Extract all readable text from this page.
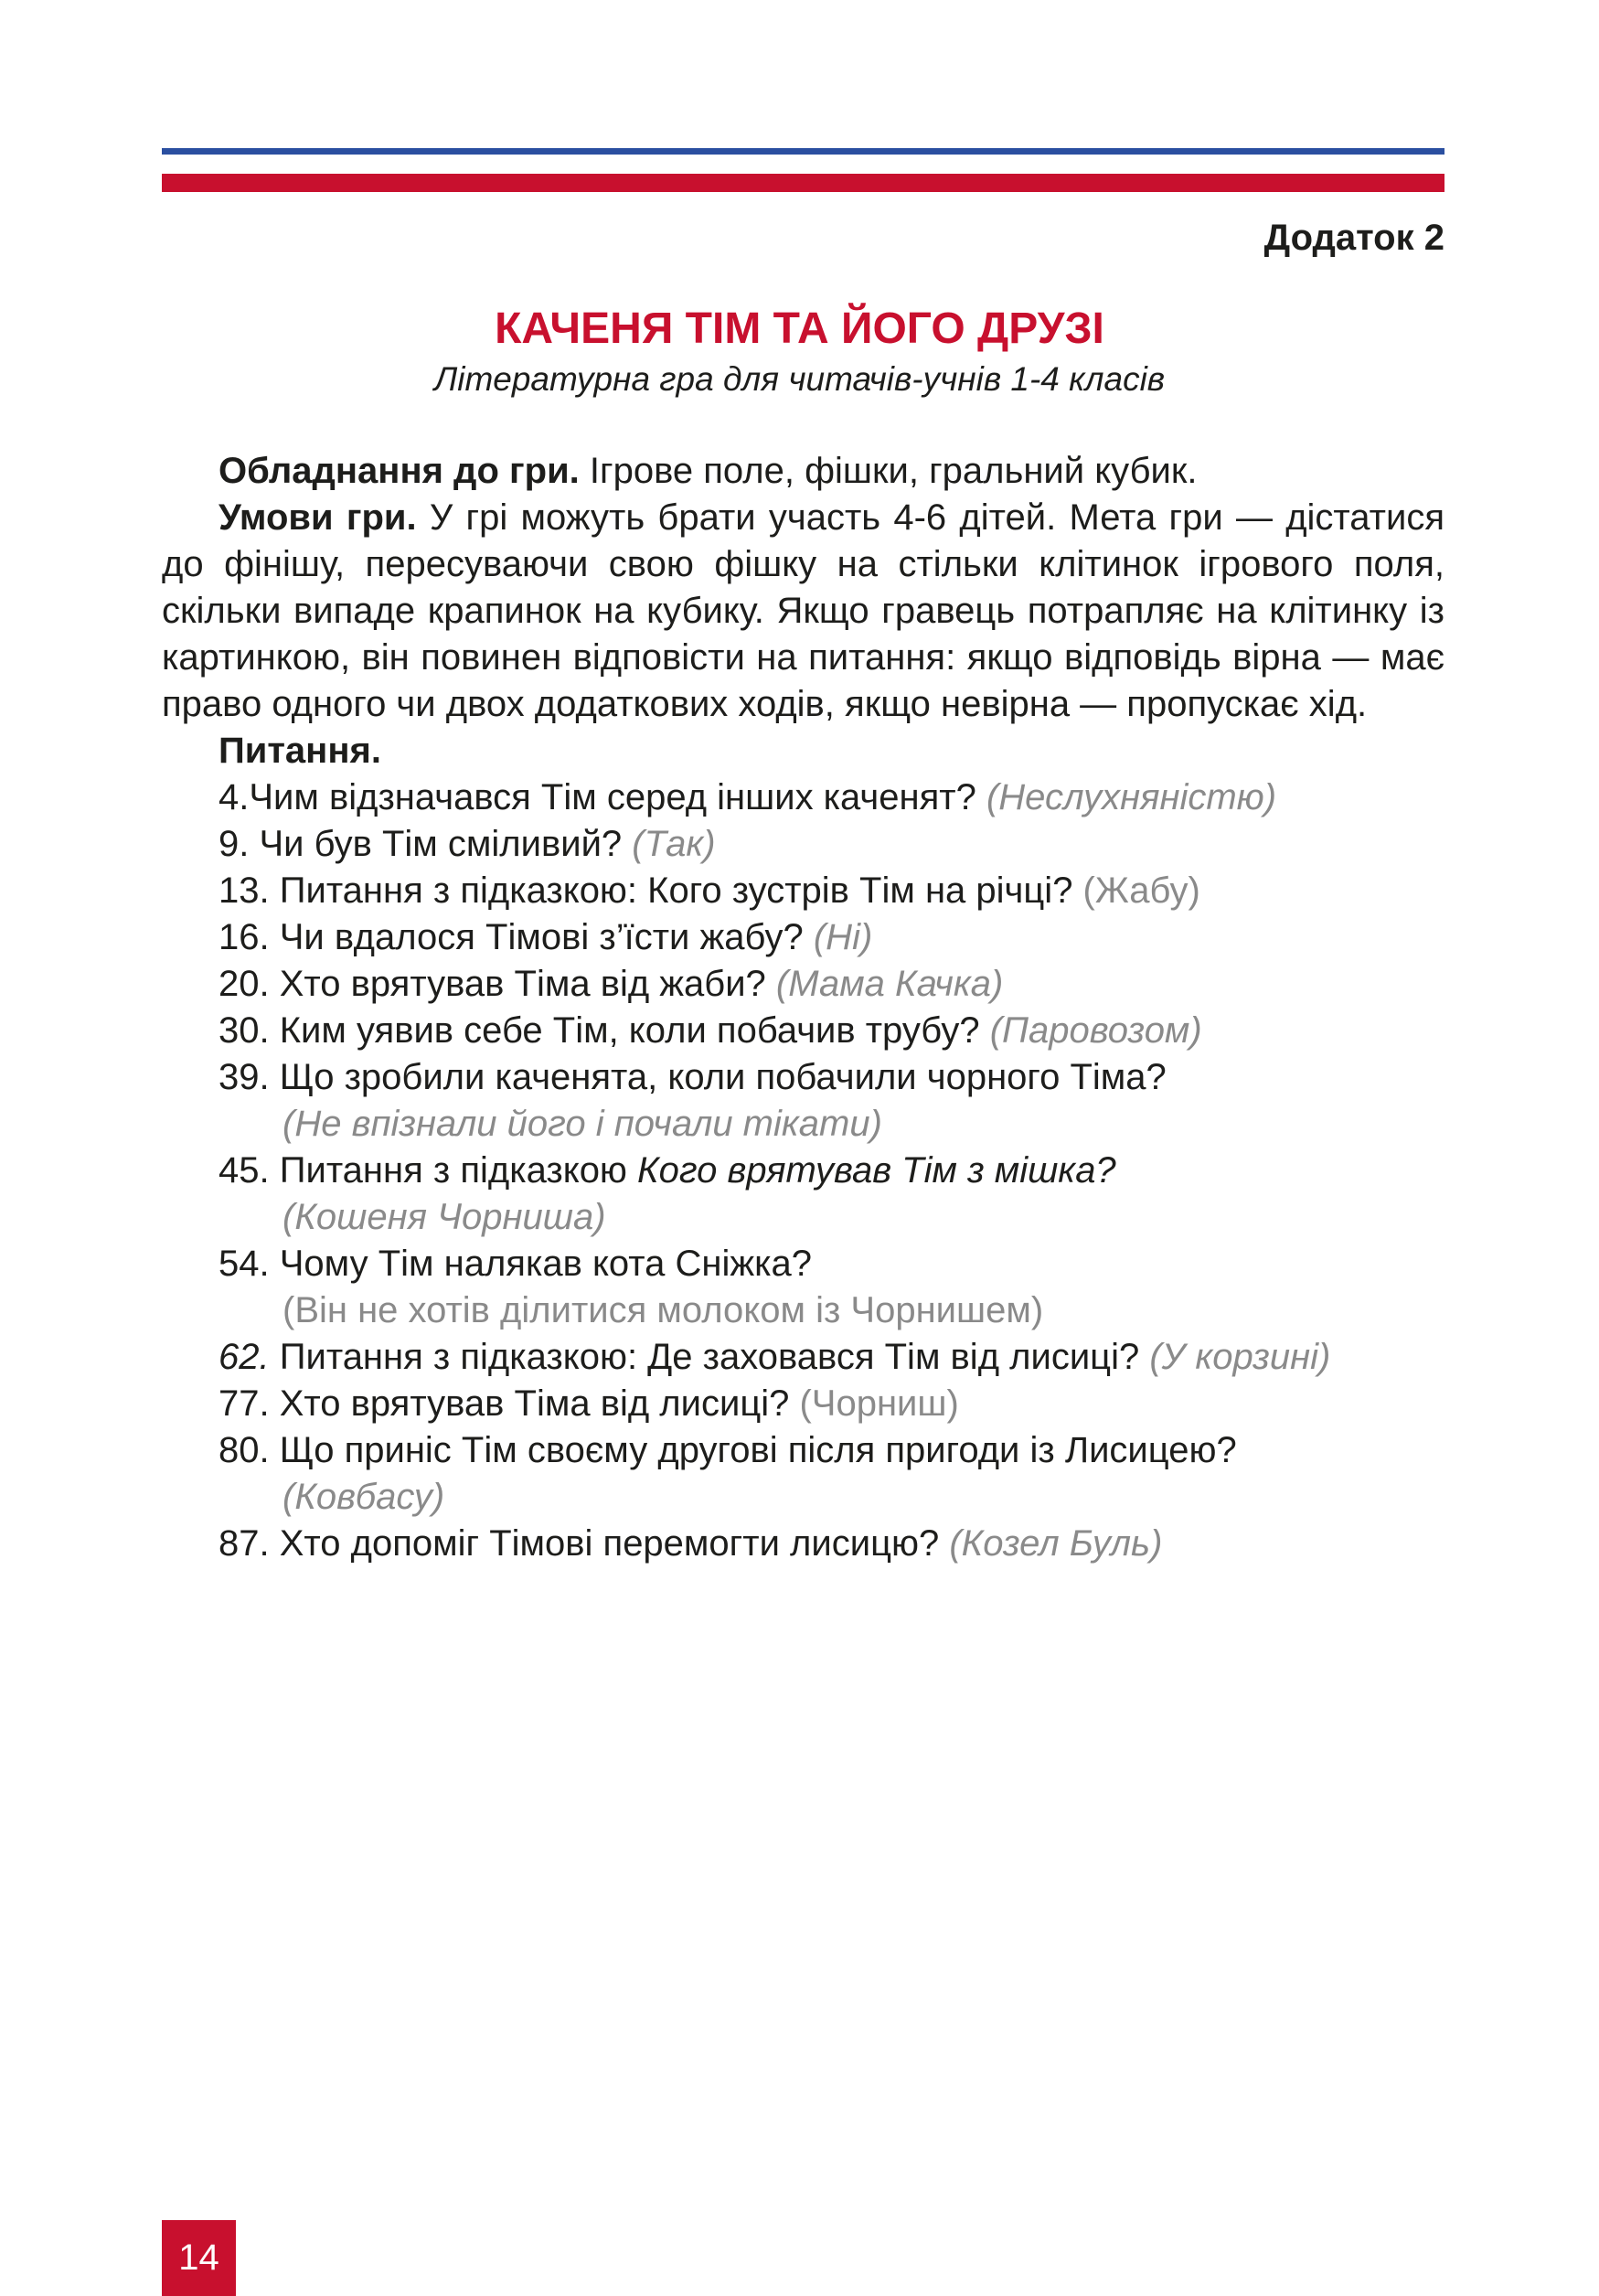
Додаток 2
КАЧЕНЯ ТІМ ТА ЙОГО ДРУЗІ
Літературна гра для читачів-учнів 1-4 класів

Обладнання до гри. Ігрове поле, фішки, гральний кубик.

Умови гри. У грі можуть брати участь 4-6 дітей. Мета гри — дістатися до фінішу, пересуваючи свою фішку на стільки клітинок ігрового поля, скільки випаде крапинок на кубику. Якщо гравець потрапляє на клітинку із картинкою, він повинен відповісти на питання: якщо відповідь вірна — має право одного чи двох додаткових ходів, якщо невірна — пропускає хід.

Питання.

4.Чим відзначався Тім серед інших каченят? (Неслухняністю)

9. Чи був Тім сміливий? (Так)

13. Питання з підказкою: Кого зустрів Тім на річці? (Жабу)

16. Чи вдалося Тімові з’їсти жабу? (Ні)

20. Хто врятував Тіма від жаби? (Мама Качка)

30. Ким уявив себе Тім, коли побачив трубу? (Паровозом)

39. Що зробили каченята, коли побачили чорного Тіма?
(Не впізнали його і почали тікати)

45. Питання з підказкою Кого врятував Тім з мішка?
(Кошеня Чорниша)

54. Чому Тім налякав кота Сніжка?
(Він не хотів ділитися молоком із Чорнишем)

62. Питання з підказкою: Де заховався Тім від лисиці? (У корзині)

77. Хто врятував Тіма від лисиці? (Чорниш)

80. Що приніс Тім своєму другові після пригоди із Лисицею?
(Ковбасу)

87. Хто допоміг Тімові перемогти лисицю? (Козел Буль)

14
